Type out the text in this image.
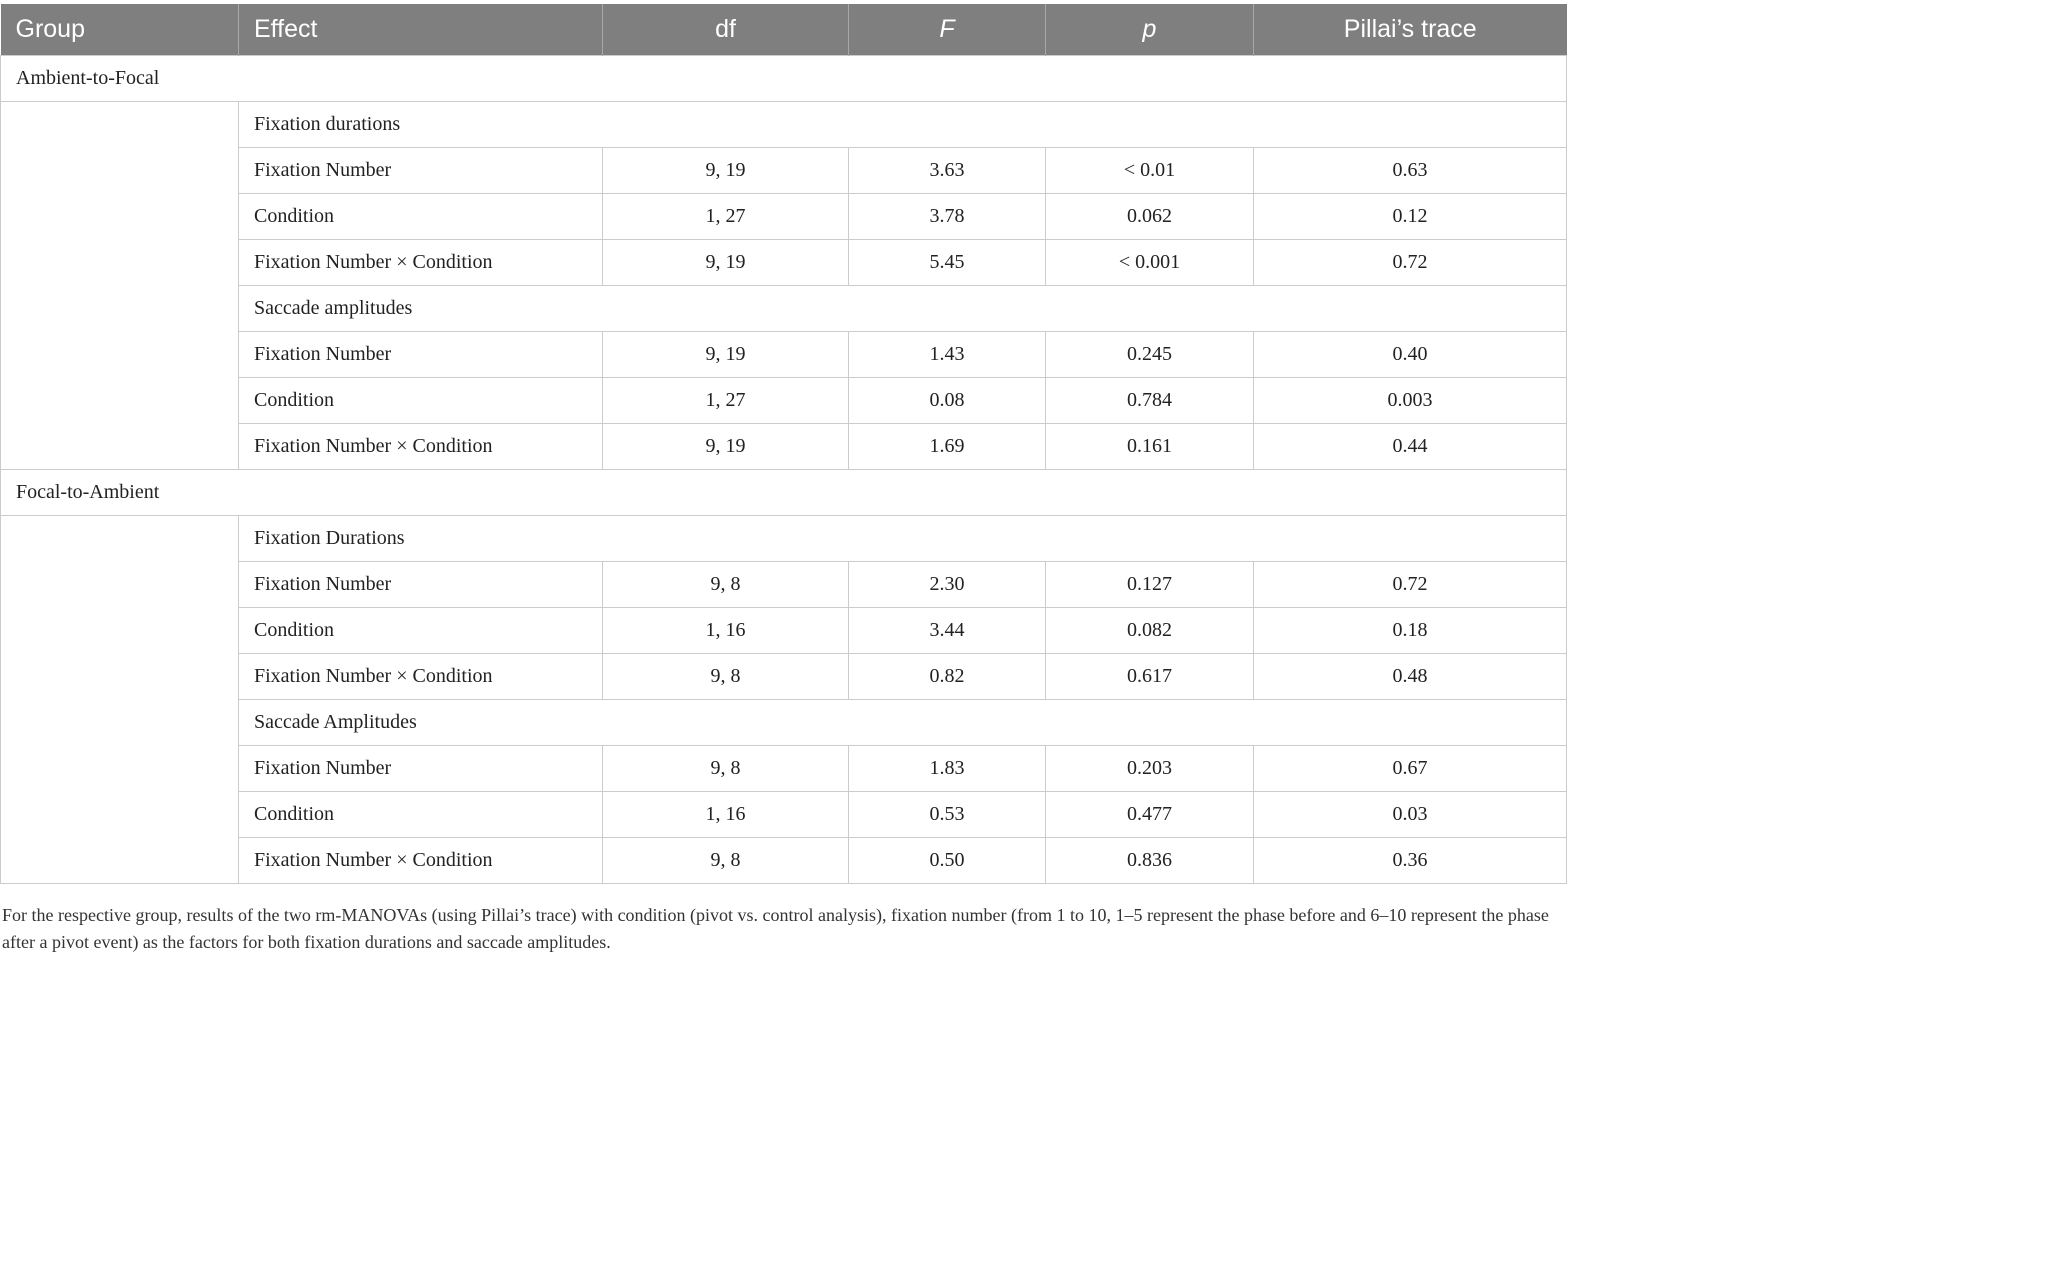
Group	Effect	df	F	p	Pillai’s trace
Ambient-to-Focal					
	Fixation durations				
	Fixation Number	9, 19	3.63	< 0.01	0.63
	Condition	1, 27	3.78	0.062	0.12
	Fixation Number × Condition	9, 19	5.45	< 0.001	0.72
	Saccade amplitudes				
	Fixation Number	9, 19	1.43	0.245	0.40
	Condition	1, 27	0.08	0.784	0.003
	Fixation Number × Condition	9, 19	1.69	0.161	0.44
Focal-to-Ambient					
	Fixation Durations				
	Fixation Number	9, 8	2.30	0.127	0.72
	Condition	1, 16	3.44	0.082	0.18
	Fixation Number × Condition	9, 8	0.82	0.617	0.48
	Saccade Amplitudes				
	Fixation Number	9, 8	1.83	0.203	0.67
	Condition	1, 16	0.53	0.477	0.03
	Fixation Number × Condition	9, 8	0.50	0.836	0.36
For the respective group, results of the two rm-MANOVAs (using Pillai’s trace) with condition (pivot vs. control analysis), fixation number (from 1 to 10, 1–5 represent the phase before and 6–10 represent the phase after a pivot event) as the factors for both fixation durations and saccade amplitudes.
